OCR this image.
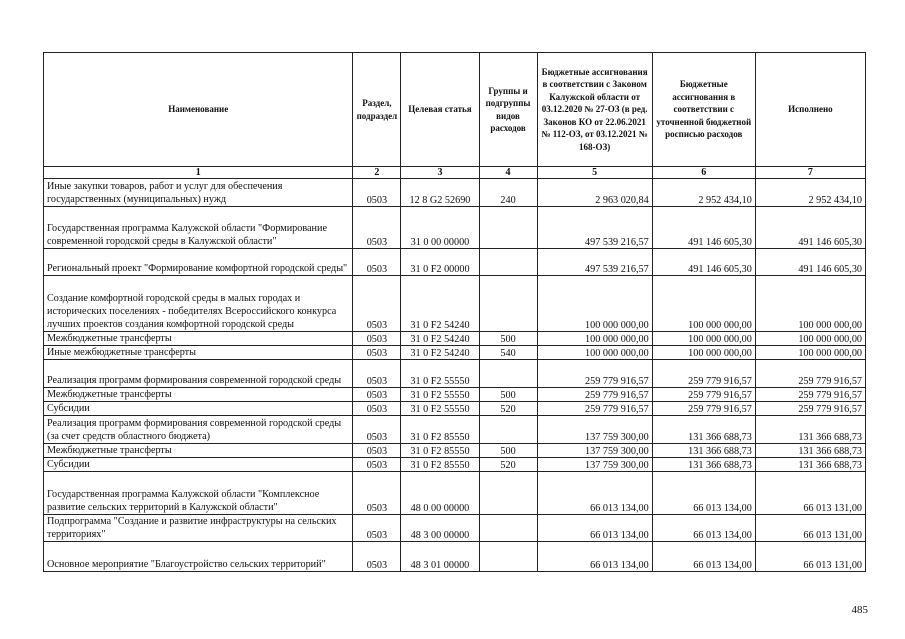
Наименование	Раздел, подраздел	Целевая статья	Группы и подгруппы видов расходов	Бюджетные ассигнования в соответствии с Законом Калужской области от 03.12.2020 № 27-ОЗ (в ред. Законов КО от 22.06.2021 № 112-ОЗ, от 03.12.2021 № 168-ОЗ)	Бюджетные ассигнования в соответствии с уточненной бюджетной росписью расходов	Исполнено
1	2	3	4	5	6	7
Иные закупки товаров, работ и услуг для обеспечения государственных (муниципальных) нужд	0503	12 8 G2 52690	240	2 963 020,84	2 952 434,10	2 952 434,10
Государственная программа Калужской области "Формирование современной городской среды в Калужской области"	0503	31 0 00 00000		497 539 216,57	491 146 605,30	491 146 605,30
Региональный проект "Формирование комфортной городской среды"	0503	31 0 F2 00000		497 539 216,57	491 146 605,30	491 146 605,30
Создание комфортной городской среды в малых городах и исторических поселениях - победителях Всероссийского конкурса лучших проектов создания комфортной городской среды	0503	31 0 F2 54240		100 000 000,00	100 000 000,00	100 000 000,00
Межбюджетные трансферты	0503	31 0 F2 54240	500	100 000 000,00	100 000 000,00	100 000 000,00
Иные межбюджетные трансферты	0503	31 0 F2 54240	540	100 000 000,00	100 000 000,00	100 000 000,00
Реализация программ формирования современной городской среды	0503	31 0 F2 55550		259 779 916,57	259 779 916,57	259 779 916,57
Межбюджетные трансферты	0503	31 0 F2 55550	500	259 779 916,57	259 779 916,57	259 779 916,57
Субсидии	0503	31 0 F2 55550	520	259 779 916,57	259 779 916,57	259 779 916,57
Реализация программ формирования современной городской среды (за счет средств областного бюджета)	0503	31 0 F2 85550		137 759 300,00	131 366 688,73	131 366 688,73
Межбюджетные трансферты	0503	31 0 F2 85550	500	137 759 300,00	131 366 688,73	131 366 688,73
Субсидии	0503	31 0 F2 85550	520	137 759 300,00	131 366 688,73	131 366 688,73
Государственная программа Калужской области "Комплексное развитие сельских территорий в Калужской области"	0503	48 0 00 00000		66 013 134,00	66 013 134,00	66 013 131,00
Подпрограмма "Создание и развитие инфраструктуры на сельских территориях"	0503	48 3 00 00000		66 013 134,00	66 013 134,00	66 013 131,00
Основное мероприятие "Благоустройство сельских территорий"	0503	48 3 01 00000		66 013 134,00	66 013 134,00	66 013 131,00
485
